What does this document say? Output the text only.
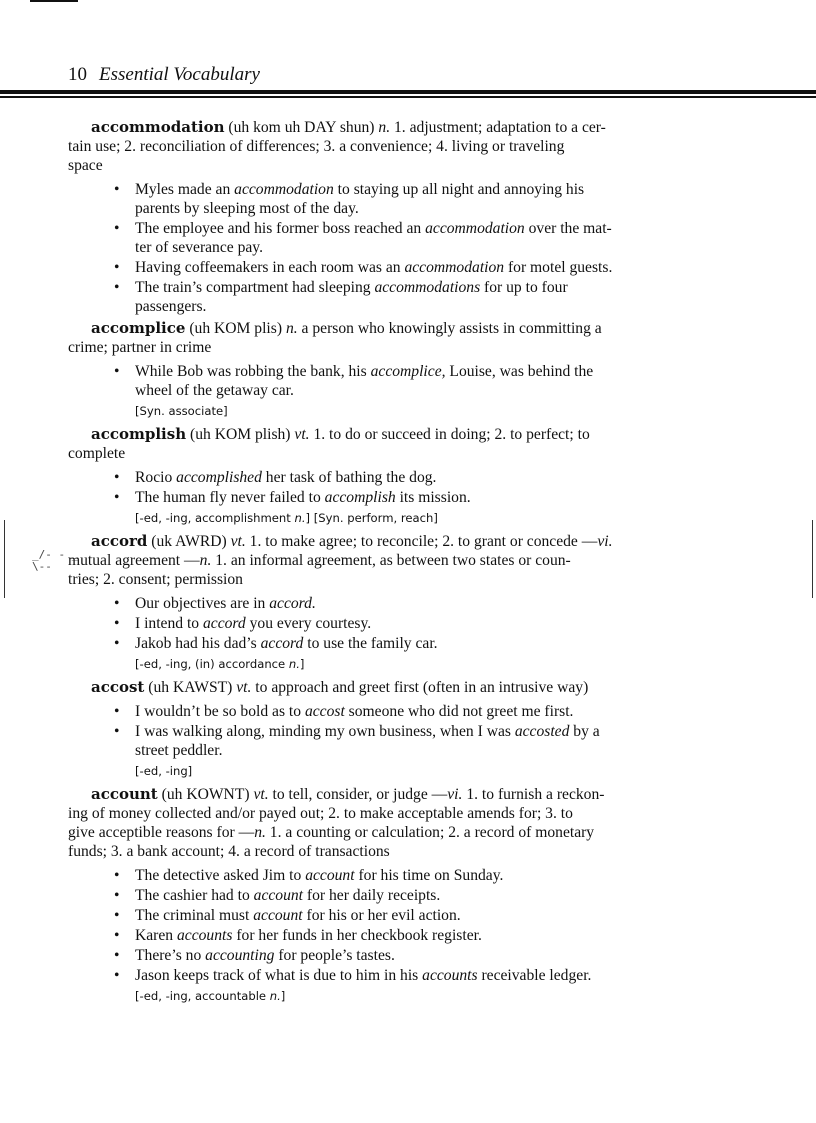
_/‐ ‐ _
\--
10 Essential Vocabulary
accommodation (uh kom uh DAY shun) n. 1. adjustment; adaptation to a cer-
tain use; 2. reconciliation of differences; 3. a convenience; 4. living or traveling
space
• Myles made an accommodation to staying up all night and annoying his
parents by sleeping most of the day.
• The employee and his former boss reached an accommodation over the mat-
ter of severance pay.
• Having coffeemakers in each room was an accommodation for motel guests.
• The train’s compartment had sleeping accommodations for up to four
passengers.
accomplice (uh KOM plis) n. a person who knowingly assists in committing a
crime; partner in crime
• While Bob was robbing the bank, his accomplice, Louise, was behind the
wheel of the getaway car.
[Syn. associate]
accomplish (uh KOM plish) vt. 1. to do or succeed in doing; 2. to perfect; to
complete
• Rocio accomplished her task of bathing the dog.
• The human fly never failed to accomplish its mission.
[-ed, -ing, accomplishment n.] [Syn. perform, reach]
accord (uk AWRD) vt. 1. to make agree; to reconcile; 2. to grant or concede —vi.
mutual agreement —n. 1. an informal agreement, as between two states or coun-
tries; 2. consent; permission
• Our objectives are in accord.
• I intend to accord you every courtesy.
• Jakob had his dad’s accord to use the family car.
[-ed, -ing, (in) accordance n.]
accost (uh KAWST) vt. to approach and greet first (often in an intrusive way)
• I wouldn’t be so bold as to accost someone who did not greet me first.
• I was walking along, minding my own business, when I was accosted by a
street peddler.
[-ed, -ing]
account (uh KOWNT) vt. to tell, consider, or judge —vi. 1. to furnish a reckon-
ing of money collected and/or payed out; 2. to make acceptable amends for; 3. to
give acceptible reasons for —n. 1. a counting or calculation; 2. a record of monetary
funds; 3. a bank account; 4. a record of transactions
• The detective asked Jim to account for his time on Sunday.
• The cashier had to account for her daily receipts.
• The criminal must account for his or her evil action.
• Karen accounts for her funds in her checkbook register.
• There’s no accounting for people’s tastes.
• Jason keeps track of what is due to him in his accounts receivable ledger.
[-ed, -ing, accountable n.]
